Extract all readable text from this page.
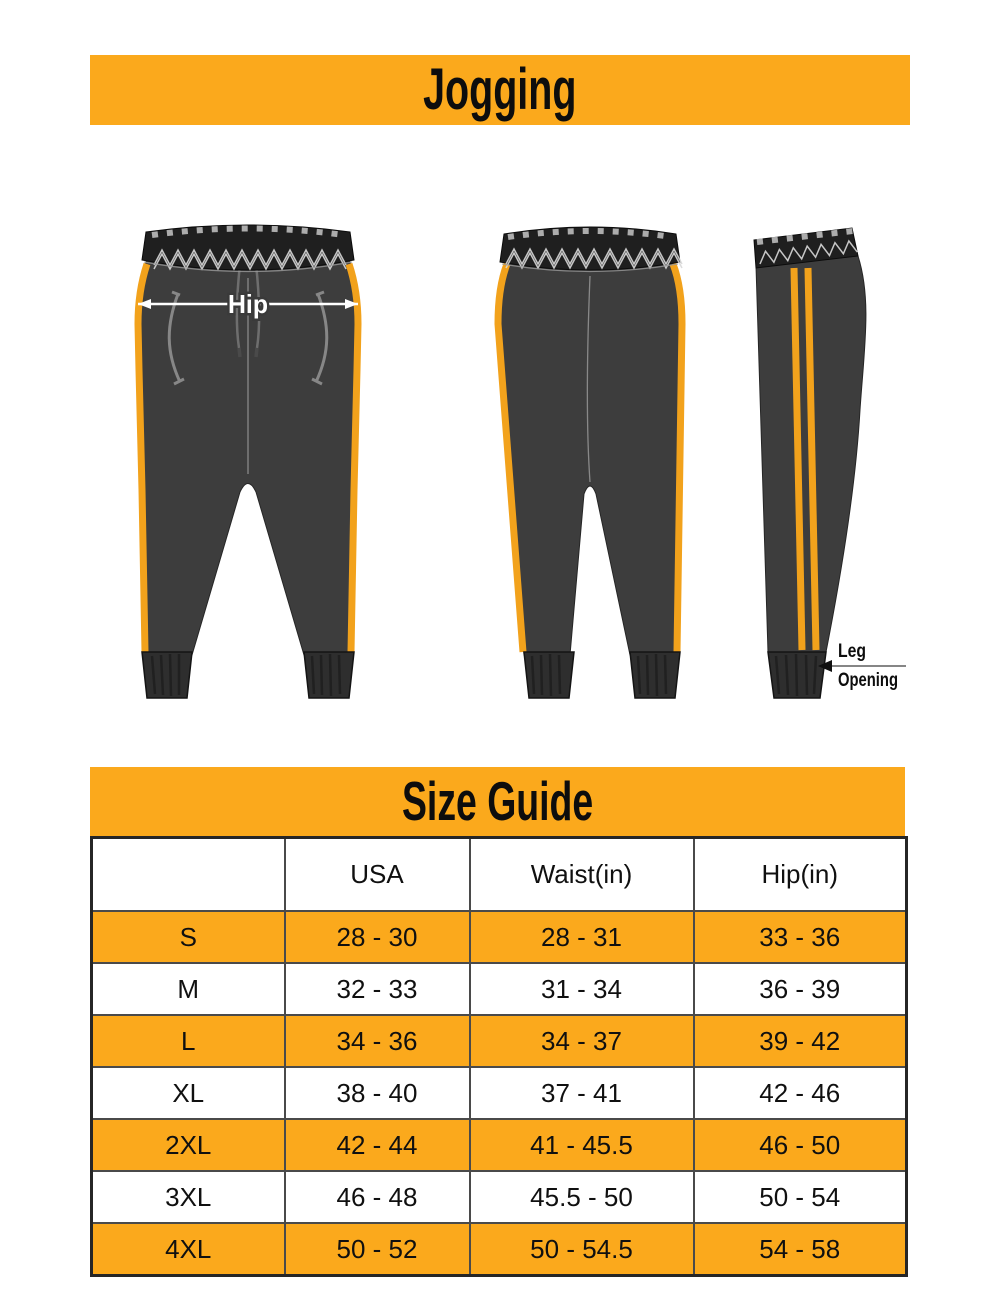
Jogging
Hip
Leg
Opening
Size Guide
	USA	Waist(in)	Hip(in)
S	28 - 30	28 - 31	33 - 36
M	32 - 33	31 - 34	36 - 39
L	34 - 36	34 - 37	39 - 42
XL	38 - 40	37 - 41	42 - 46
2XL	42 - 44	41 - 45.5	46 - 50
3XL	46 - 48	45.5 - 50	50 - 54
4XL	50 - 52	50 - 54.5	54 - 58
